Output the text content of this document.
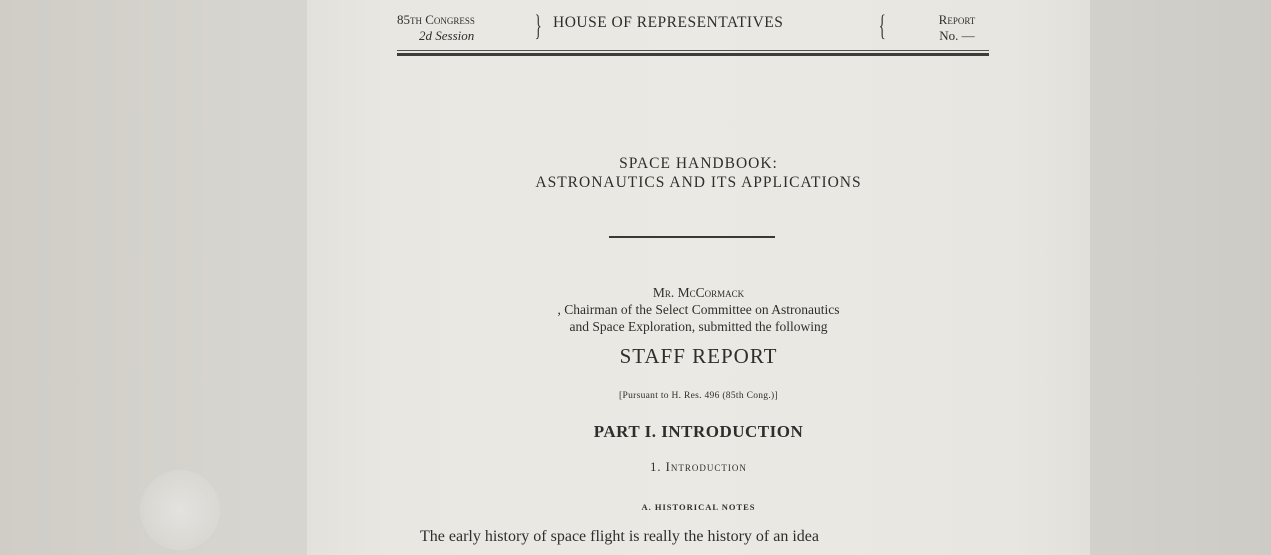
85th Congress
2d Session	} HOUSE OF REPRESENTATIVES	{	Report
No. —
SPACE HANDBOOK:
ASTRONAUTICS AND ITS APPLICATIONS
Mr. McCormack
, Chairman of the Select Committee on Astronautics
and Space Exploration, submitted the following
STAFF REPORT
[Pursuant to H. Res. 496 (85th Cong.)]
PART I. INTRODUCTION
1. Introduction
A. HISTORICAL NOTES
The early history of space flight is really the history of an idea
